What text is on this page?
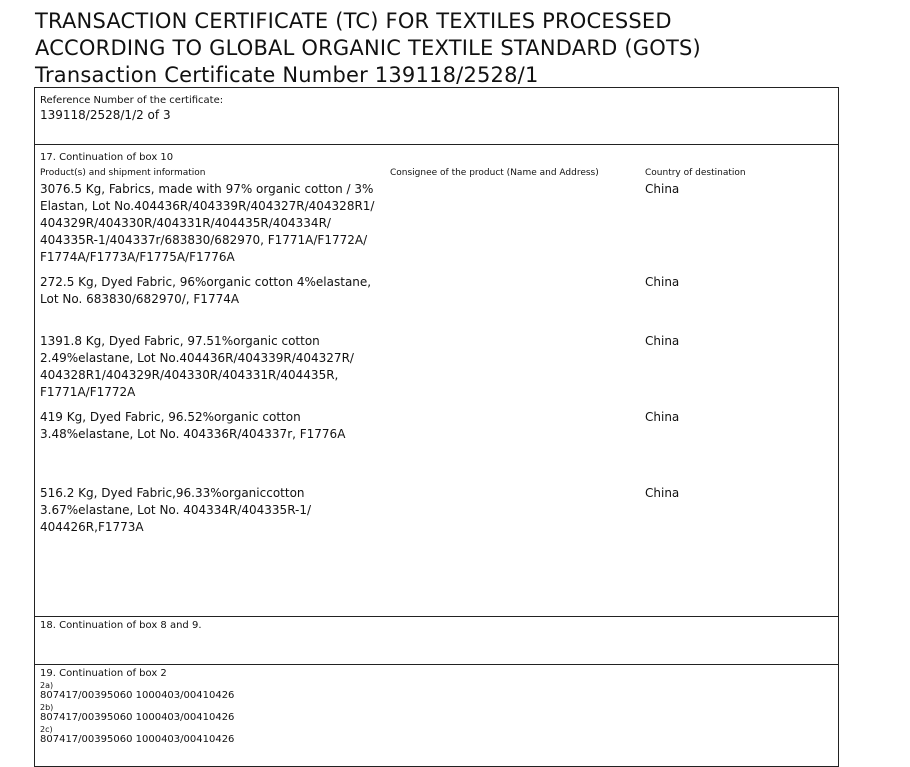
TRANSACTION CERTIFICATE (TC) FOR TEXTILES PROCESSED
ACCORDING TO GLOBAL ORGANIC TEXTILE STANDARD (GOTS)
Transaction Certificate Number 139118/2528/1
Reference Number of the certificate:
139118/2528/1/2 of 3
17. Continuation of box 10
Product(s) and shipment information	Consignee of the product (Name and Address)	Country of destination
3076.5 Kg, Fabrics, made with 97% organic cotton / 3%
Elastan, Lot No.404436R/404339R/404327R/404328R1/
404329R/404330R/404331R/404435R/404334R/
404335R-1/404337r/683830/682970, F1771A/F1772A/
F1774A/F1773A/F1775A/F1776A
China
272.5 Kg, Dyed Fabric, 96%organic cotton 4%elastane,
Lot No. 683830/682970/, F1774A
China
1391.8 Kg, Dyed Fabric, 97.51%organic cotton
2.49%elastane, Lot No.404436R/404339R/404327R/
404328R1/404329R/404330R/404331R/404435R,
F1771A/F1772A
China
419 Kg, Dyed Fabric, 96.52%organic cotton
3.48%elastane, Lot No. 404336R/404337r, F1776A
China
516.2 Kg, Dyed Fabric,96.33%organiccotton
3.67%elastane, Lot No. 404334R/404335R-1/
404426R,F1773A
China
18. Continuation of box 8 and 9.
19. Continuation of box 2
2a)
807417/00395060 1000403/00410426
2b)
807417/00395060 1000403/00410426
2c)
807417/00395060 1000403/00410426
